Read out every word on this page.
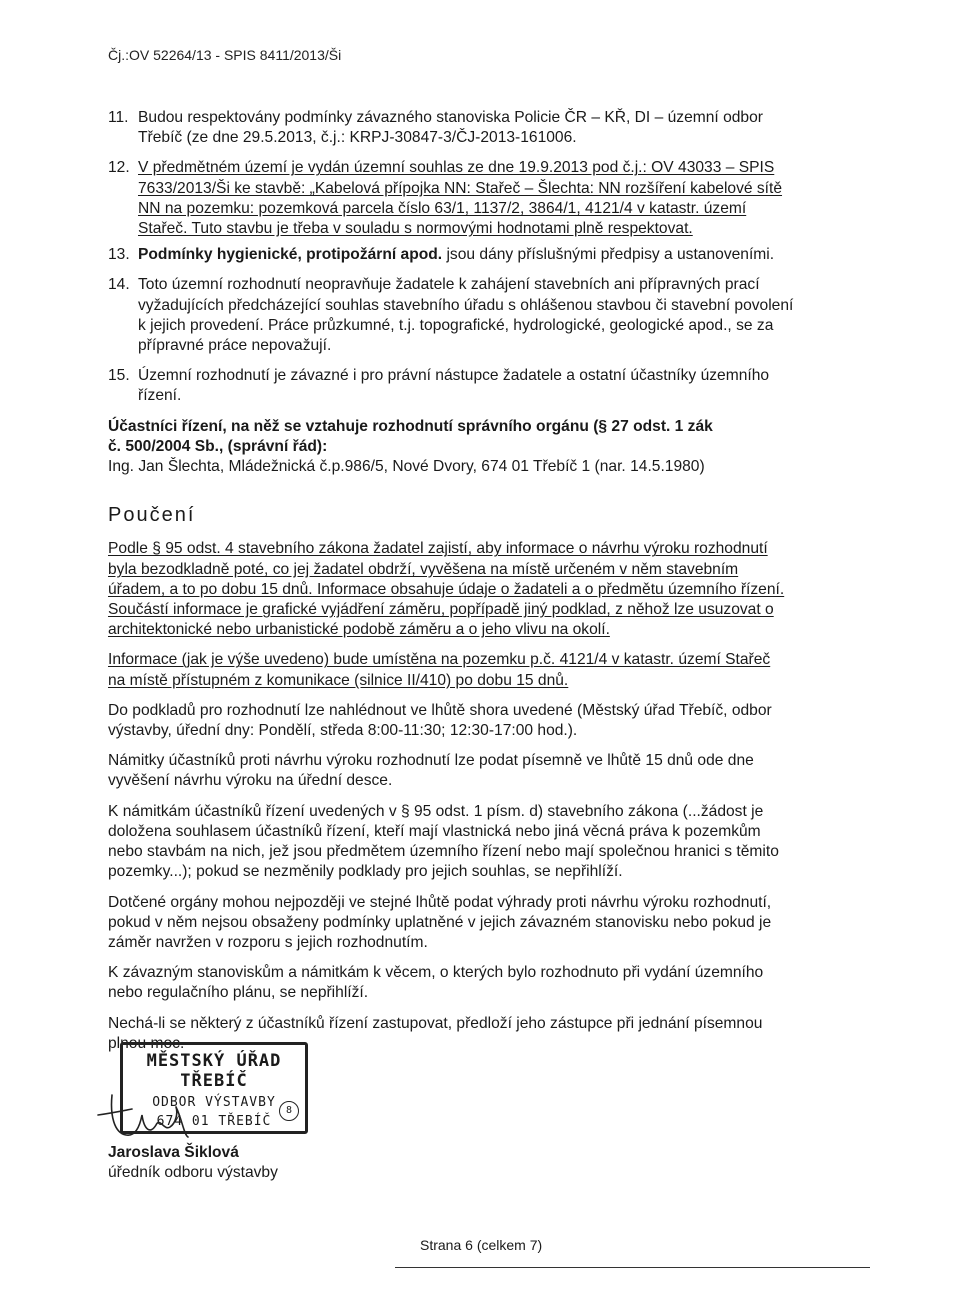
Čj.:OV 52264/13 - SPIS 8411/2013/Ši
11. Budou respektovány podmínky závazného stanoviska Policie ČR – KŘ, DI – územní odbor

Třebíč (ze dne 29.5.2013, č.j.: KRPJ-30847-3/ČJ-2013-161006.

12. V předmětném území je vydán územní souhlas ze dne 19.9.2013 pod č.j.: OV 43033 – SPIS

7633/2013/Ši ke stavbě: „Kabelová přípojka NN: Stařeč – Šlechta: NN rozšíření kabelové sítě

NN na pozemku: pozemková parcela číslo 63/1, 1137/2, 3864/1, 4121/4 v katastr. území

Stařeč. Tuto stavbu je třeba v souladu s normovými hodnotami plně respektovat.

13. Podmínky hygienické, protipožární apod. jsou dány příslušnými předpisy a ustanoveními.

14. Toto územní rozhodnutí neopravňuje žadatele k zahájení stavebních ani přípravných prací

vyžadujících předcházející souhlas stavebního úřadu s ohlášenou stavbou či stavební povolení

k jejich provedení. Práce průzkumné, t.j. topografické, hydrologické, geologické apod., se za

přípravné práce nepovažují.

15. Územní rozhodnutí je závazné i pro právní nástupce žadatele a ostatní účastníky územního

řízení.

Účastníci řízení, na něž se vztahuje rozhodnutí správního orgánu (§ 27 odst. 1 zák

č. 500/2004 Sb., (správní řád):

Ing. Jan Šlechta, Mládežnická č.p.986/5, Nové Dvory, 674 01 Třebíč 1 (nar. 14.5.1980)

Poučení

Podle § 95 odst. 4 stavebního zákona žadatel zajistí, aby informace o návrhu výroku rozhodnutí

byla bezodkladně poté, co jej žadatel obdrží, vyvěšena na místě určeném v něm stavebním

úřadem, a to po dobu 15 dnů. Informace obsahuje údaje o žadateli a o předmětu územního řízení.

Součástí informace je grafické vyjádření záměru, popřípadě jiný podklad, z něhož lze usuzovat o

architektonické nebo urbanistické podobě záměru a o jeho vlivu na okolí.

Informace (jak je výše uvedeno) bude umístěna na pozemku p.č. 4121/4 v katastr. území Stařeč

na místě přístupném z komunikace (silnice II/410) po dobu 15 dnů.

Do podkladů pro rozhodnutí lze nahlédnout ve lhůtě shora uvedené (Městský úřad Třebíč, odbor

výstavby, úřední dny: Pondělí, středa 8:00-11:30; 12:30-17:00 hod.).

Námitky účastníků proti návrhu výroku rozhodnutí lze podat písemně ve lhůtě 15 dnů ode dne

vyvěšení návrhu výroku na úřední desce.

K námitkám účastníků řízení uvedených v § 95 odst. 1 písm. d) stavebního zákona (...žádost je

doložena souhlasem účastníků řízení, kteří mají vlastnická nebo jiná věcná práva k pozemkům

nebo stavbám na nich, jež jsou předmětem územního řízení nebo mají společnou hranici s těmito

pozemky...); pokud se nezměnily podklady pro jejich souhlas, se nepřihlíží.

Dotčené orgány mohou nejpozději ve stejné lhůtě podat výhrady proti návrhu výroku rozhodnutí,

pokud v něm nejsou obsaženy podmínky uplatněné v jejich závazném stanovisku nebo pokud je

záměr navržen v rozporu s jejich rozhodnutím.

K závazným stanoviskům a námitkám k věcem, o kterých bylo rozhodnuto při vydání územního

nebo regulačního plánu, se nepřihlíží.

Nechá-li se některý z účastníků řízení zastupovat, předloží jeho zástupce při jednání písemnou

plnou moc.

MĚSTSKÝ ÚŘAD TŘEBÍČ
ODBOR VÝSTAVBY
674 01 TŘEBÍČ
8
Jaroslava Šiklová
úředník odboru výstavby
Strana 6 (celkem 7)
